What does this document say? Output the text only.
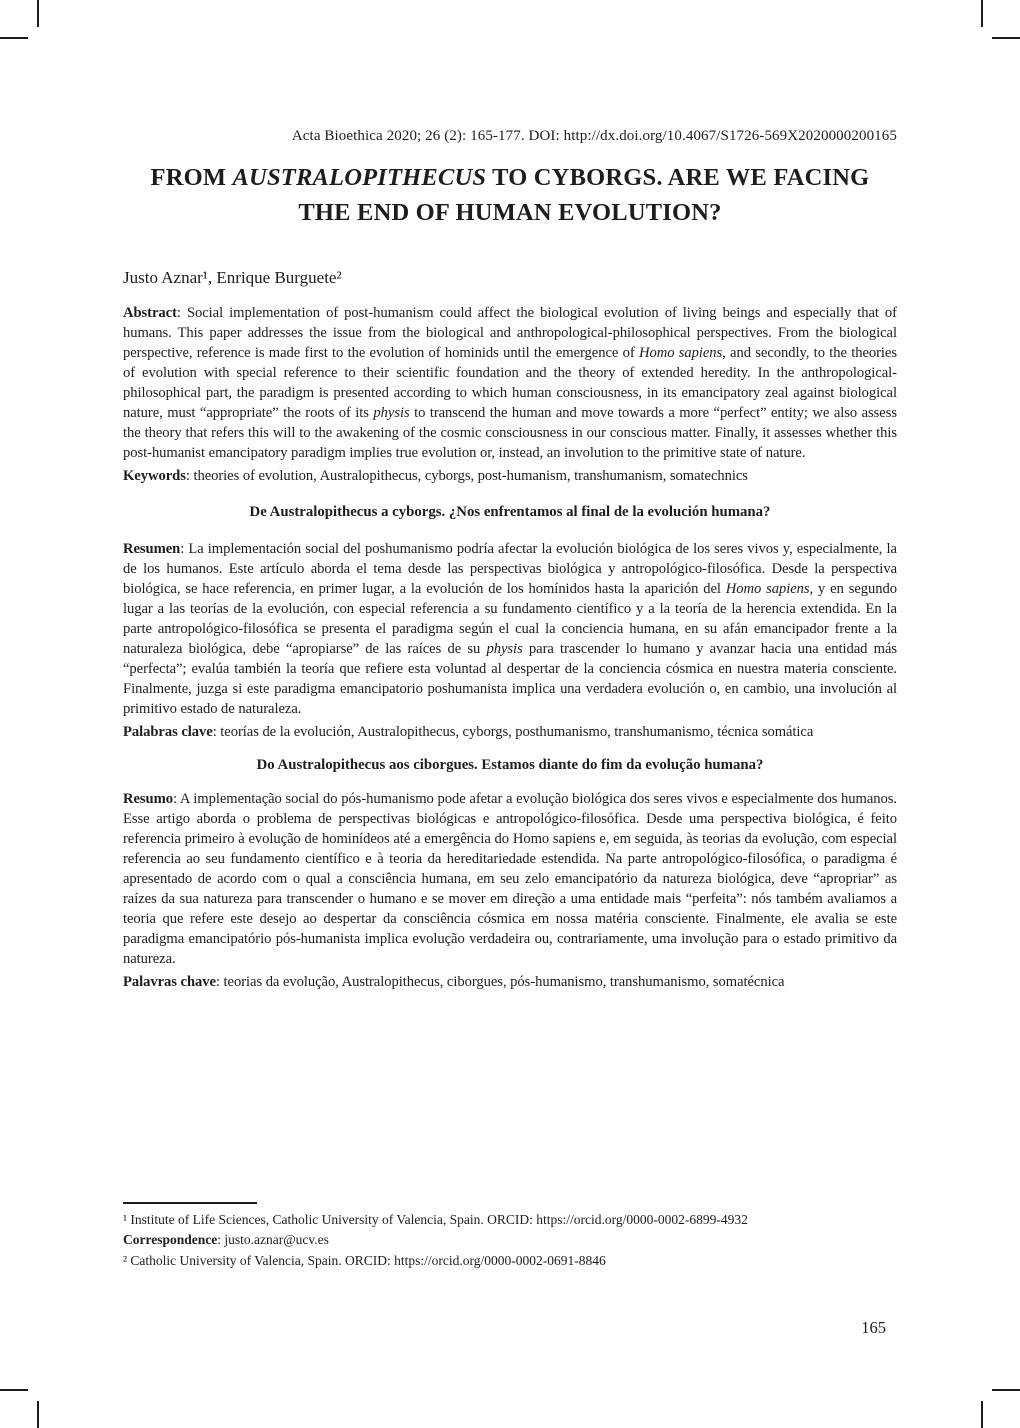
Acta Bioethica 2020; 26 (2): 165-177. DOI: http://dx.doi.org/10.4067/S1726-569X2020000200165
FROM AUSTRALOPITHECUS TO CYBORGS. ARE WE FACING THE END OF HUMAN EVOLUTION?
Justo Aznar¹, Enrique Burguete²

Abstract: Social implementation of post-humanism could affect the biological evolution of living beings and especially that of humans. This paper addresses the issue from the biological and anthropological-philosophical perspectives. From the biological perspective, reference is made first to the evolution of hominids until the emergence of Homo sapiens, and secondly, to the theories of evolution with special reference to their scientific foundation and the theory of extended heredity. In the anthropological-philosophical part, the paradigm is presented according to which human consciousness, in its emancipatory zeal against biological nature, must “appropriate” the roots of its physis to transcend the human and move towards a more “perfect” entity; we also assess the theory that refers this will to the awakening of the cosmic consciousness in our conscious matter. Finally, it assesses whether this post-humanist emancipatory paradigm implies true evolution or, instead, an involution to the primitive state of nature.

Keywords: theories of evolution, Australopithecus, cyborgs, post-humanism, transhumanism, somatechnics

De Australopithecus a cyborgs. ¿Nos enfrentamos al final de la evolución humana?

Resumen: La implementación social del poshumanismo podría afectar la evolución biológica de los seres vivos y, especialmente, la de los humanos. Este artículo aborda el tema desde las perspectivas biológica y antropológico-filosófica. Desde la perspectiva biológica, se hace referencia, en primer lugar, a la evolución de los homínidos hasta la aparición del Homo sapiens, y en segundo lugar a las teorías de la evolución, con especial referencia a su fundamento científico y a la teoría de la herencia extendida. En la parte antropológico-filosófica se presenta el paradigma según el cual la conciencia humana, en su afán emancipador frente a la naturaleza biológica, debe “apropiarse” de las raíces de su physis para trascender lo humano y avanzar hacia una entidad más “perfecta”; evalúa también la teoría que refiere esta voluntad al despertar de la conciencia cósmica en nuestra materia consciente. Finalmente, juzga si este paradigma emancipatorio poshumanista implica una verdadera evolución o, en cambio, una involución al primitivo estado de naturaleza.

Palabras clave: teorías de la evolución, Australopithecus, cyborgs, posthumanismo, transhumanismo, técnica somática

Do Australopithecus aos ciborgues. Estamos diante do fim da evolução humana?

Resumo: A implementação social do pós-humanismo pode afetar a evolução biológica dos seres vivos e especialmente dos humanos. Esse artigo aborda o problema de perspectivas biológicas e antropológico-filosófica. Desde uma perspectiva biológica, é feito referencia primeiro à evolução de hominídeos até a emergência do Homo sapiens e, em seguida, às teorias da evolução, com especial referencia ao seu fundamento científico e à teoria da hereditariedade estendida. Na parte antropológico-filosófica, o paradigma é apresentado de acordo com o qual a consciência humana, em seu zelo emancipatório da natureza biológica, deve “apropriar” as raízes da sua natureza para transcender o humano e se mover em direção a uma entidade mais “perfeita”: nós também avaliamos a teoria que refere este desejo ao despertar da consciência cósmica em nossa matéria consciente. Finalmente, ele avalia se este paradigma emancipatório pós-humanista implica evolução verdadeira ou, contrariamente, uma involução para o estado primitivo da natureza.

Palavras chave: teorias da evolução, Australopithecus, ciborgues, pós-humanismo, transhumanismo, somatécnica

¹ Institute of Life Sciences, Catholic University of Valencia, Spain. ORCID: https://orcid.org/0000-0002-6899-4932

Correspondence: justo.aznar@ucv.es

² Catholic University of Valencia, Spain. ORCID: https://orcid.org/0000-0002-0691-8846

165
